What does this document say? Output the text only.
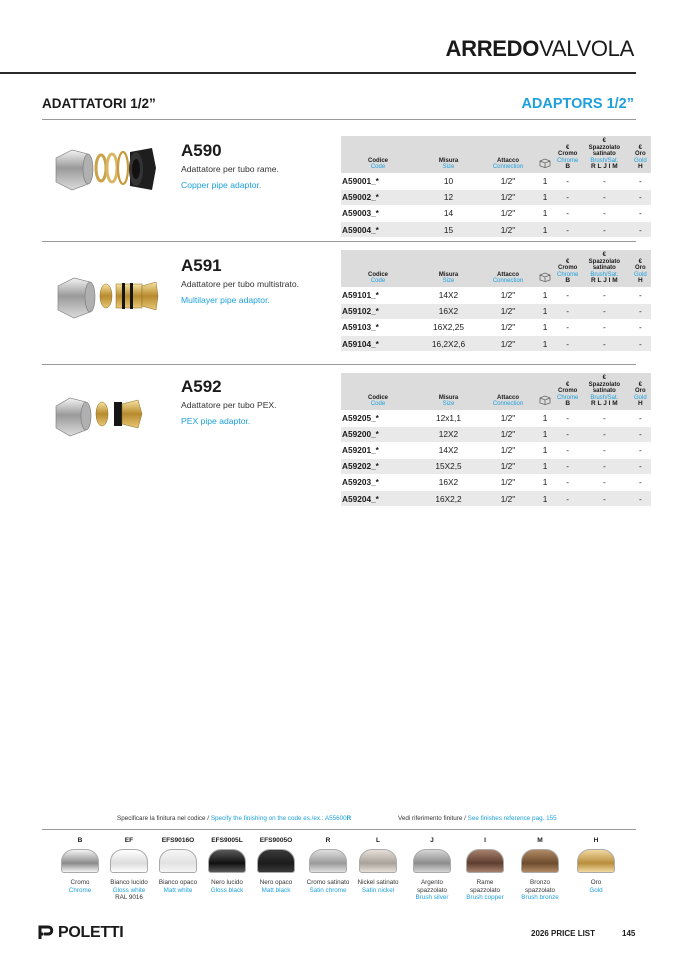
ARREDOVALVOLA
ADATTATORI 1/2”	ADAPTORS 1/2”
A590
Adattatore per tubo rame.
Copper pipe adaptor.
Codice
Code	Misura
Size	Attacco
Connection		€
Cromo
Chrome
B	€
Spazzolato
satinato
Brush/Sat.
R L J I M	€
Oro
Gold
H
A59001_*	10	1/2"	1	-	-	-
A59002_*	12	1/2"	1	-	-	-
A59003_*	14	1/2"	1	-	-	-
A59004_*	15	1/2"	1	-	-	-
A591
Adattatore per tubo multistrato.
Multilayer pipe adaptor.
Codice
Code	Misura
Size	Attacco
Connection		€
Cromo
Chrome
B	€
Spazzolato
satinato
Brush/Sat.
R L J I M	€
Oro
Gold
H
A59101_*	14X2	1/2"	1	-	-	-
A59102_*	16X2	1/2"	1	-	-	-
A59103_*	16X2,25	1/2"	1	-	-	-
A59104_*	16,2X2,6	1/2"	1	-	-	-
A592
Adattatore per tubo PEX.
PEX pipe adaptor.
Codice
Code	Misura
Size	Attacco
Connection		€
Cromo
Chrome
B	€
Spazzolato
satinato
Brush/Sat.
R L J I M	€
Oro
Gold
H
A59205_*	12x1,1	1/2"	1	-	-	-
A59200_*	12X2	1/2"	1	-	-	-
A59201_*	14X2	1/2"	1	-	-	-
A59202_*	15X2,5	1/2"	1	-	-	-
A59203_*	16X2	1/2"	1	-	-	-
A59204_*	16X2,2	1/2"	1	-	-	-
Specificare la finitura nel codice / Specify the finishing on the code es./ex.: A55600R	Vedi riferimento finiture / See finishes reference pag. 155
B
Cromo
Chrome
EF
Bianco lucido
Gloss white
RAL 9016
EFS9016O
Bianco opaco
Matt white
EFS9005L
Nero lucido
Gloss black
EFS9005O
Nero opaco
Matt black
R
Cromo satinato
Satin chrome
L
Nickel satinato
Satin nickel
J
Argento spazzolato
Brush silver
I
Rame spazzolato
Brush copper
M
Bronzo spazzolato
Brush bronze
H
Oro
Gold
POLETTI	2026 PRICE LIST	145
